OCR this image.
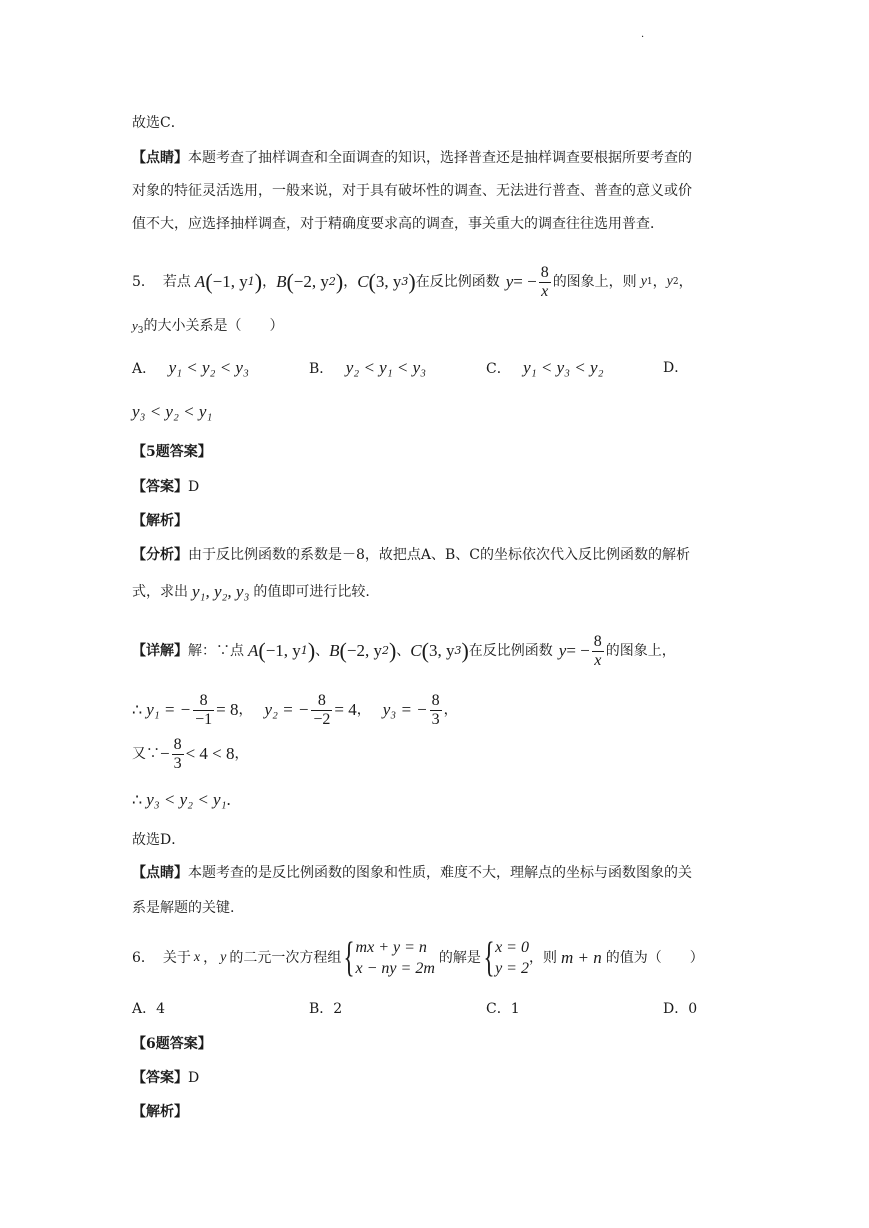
·
故选C．
【点睛】本题考查了抽样调查和全面调查的知识，选择普查还是抽样调查要根据所要考查的
对象的特征灵活选用，一般来说，对于具有破坏性的调查、无法进行普查、普查的意义或价
值不大，应选择抽样调查，对于精确度要求高的调查，事关重大的调查往往选用普查．
5． 若点 A ( −1, y 1 ) ， B ( −2, y 2 ) ， C ( 3, y 3 ) 在反比例函数 y = − $\frac{8}{x}$ 的图象上，则 y 1 ， y 2 ，
$y_3$的大小关系是（　　）
A． y₁ < y₂ < y₃	B． y₂ < y₁ < y₃	C． y₁ < y₃ < y₂	D．
y₃ < y₂ < y₁
【5题答案】
【答案】D
【解析】
【分析】由于反比例函数的系数是－8，故把点A、B、C的坐标依次代入反比例函数的解析
式，求出 y₁, y₂, y₃ 的值即可进行比较.
【详解】 解：∵点 A ( −1, y 1 ) 、 B ( −2, y 2 ) 、 C ( 3, y 3 ) 在反比例函数 y = − $\frac{8}{x}$ 的图象上，
∴ y₁ = − $\frac{8}{-1} = 8$ ， y₂ = − $\frac{8}{-2} = 4$ ， y₃ = − $\frac{8}{3}$ ，
又∵ − $\frac{8}{3} < 4 < 8$ ，
∴ y₃ < y₂ < y₁ .
故选D．
【点睛】本题考查的是反比例函数的图象和性质，难度不大，理解点的坐标与函数图象的关
系是解题的关键.
6． 关于 x ， y 的二元一次方程组 { mx + y = n
x − ny = 2m
的解是 { x = 0
y = 2
，则 m + n 的值为（　　）
A．4	B．2	C．1	D．0
【6题答案】
【答案】D
【解析】
